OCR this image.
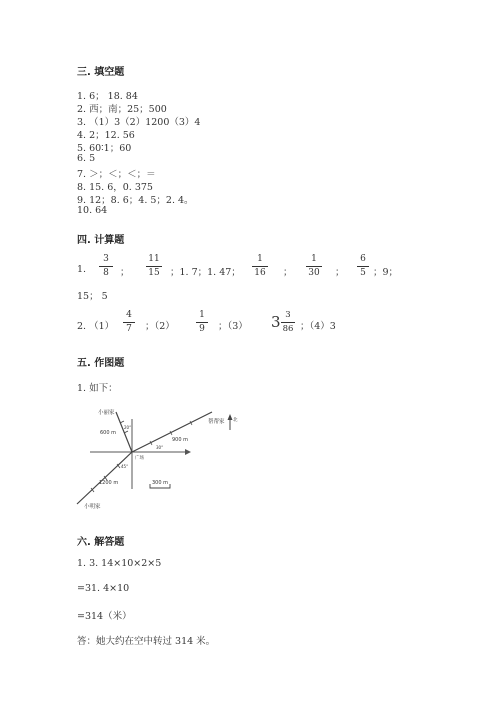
三. 填空题
1. 6； 18. 84
2. 西；南；25；500
3. （1）3（2）1200（3）4
4. 2；12. 56
5. 60∶1；60
6. 5
7. ＞；＜；＜；＝
8. 15. 6，0. 375
9. 12；8. 6；4. 5；2. 4。
10. 64
四. 计算题
1.
3
8	；
11
15 ；1. 7；1. 47；
1
16 ；
1
30 ；
6
5 ；9；
15； 5
2. （1）
4
7	；（2）
1
9	；（3） 3 3
86 ；（4）3
五. 作图题
1. 如下：
小丽家
600 m
20°
帮帮家
900 m
30°
北
广场
45°
1200 m
小明家
300 m
六. 解答题
1. 3. 14×10×2×5
=31. 4×10
=314（米）
答：她大约在空中转过 314 米。
